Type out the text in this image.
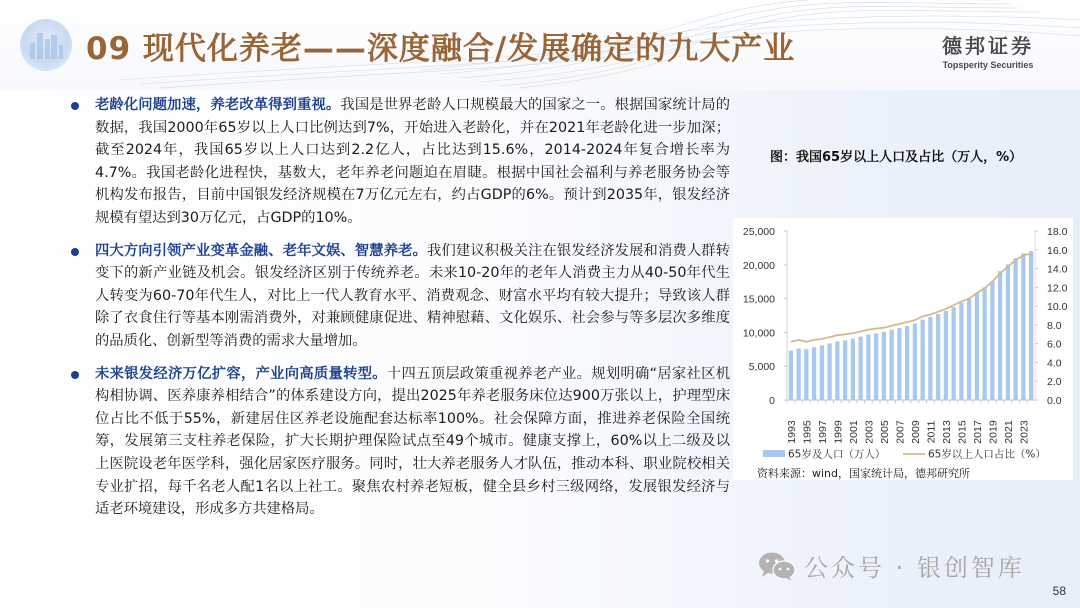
09 现代化养老——深度融合/发展确定的九大产业	德邦证券
Topsperity Securities
老龄化问题加速，养老改革得到重视。我国是世界老龄人口规模最大的国家之一。根据国家统计局的数据，我国2000年65岁以上人口比例达到7%，开始进入老龄化，并在2021年老龄化进一步加深；截至2024年，我国65岁以上人口达到2.2亿人，占比达到15.6%，2014-2024年复合增长率为4.7%。我国老龄化进程快，基数大，老年养老问题迫在眉睫。根据中国社会福利与养老服务协会等机构发布报告，目前中国银发经济规模在7万亿元左右，约占GDP的6%。预计到2035年，银发经济规模有望达到30万亿元，占GDP的10%。
四大方向引领产业变革金融、老年文娱、智慧养老。我们建议积极关注在银发经济发展和消费人群转变下的新产业链及机会。银发经济区别于传统养老。未来10-20年的老年人消费主力从40-50年代生人转变为60-70年代生人，对比上一代人教育水平、消费观念、财富水平均有较大提升；导致该人群除了衣食住行等基本刚需消费外，对兼顾健康促进、精神慰藉、文化娱乐、社会参与等多层次多维度的品质化、创新型等消费的需求大量增加。
未来银发经济万亿扩容，产业向高质量转型。十四五顶层政策重视养老产业。规划明确“居家社区机构相协调、医养康养相结合”的体系建设方向，提出2025年养老服务床位达900万张以上，护理型床位占比不低于55%，新建居住区养老设施配套达标率100%。社会保障方面，推进养老保险全国统筹，发展第三支柱养老保险，扩大长期护理保险试点至49个城市。健康支撑上，60%以上二级及以上医院设老年医学科，强化居家医疗服务。同时，壮大养老服务人才队伍，推动本科、职业院校相关专业扩招，每千名老人配1名以上社工。聚焦农村养老短板，健全县乡村三级网络，发展银发经济与适老环境建设，形成多方共建格局。
图：我国65岁以上人口及占比（万人，%）
0
5,000
10,000
15,000
20,000
25,000
0.0
2.0
4.0
6.0
8.0
10.0
12.0
14.0
16.0
18.0
1993 1995 1997 1999 2001 2003 2005 2007 2009 2011 2013 2015 2017 2019 2021 2023
65岁及人口（万人）	65岁以上人口占比（%）
资料来源：wind，国家统计局，德邦研究所
公众号 · 银创智库
58
